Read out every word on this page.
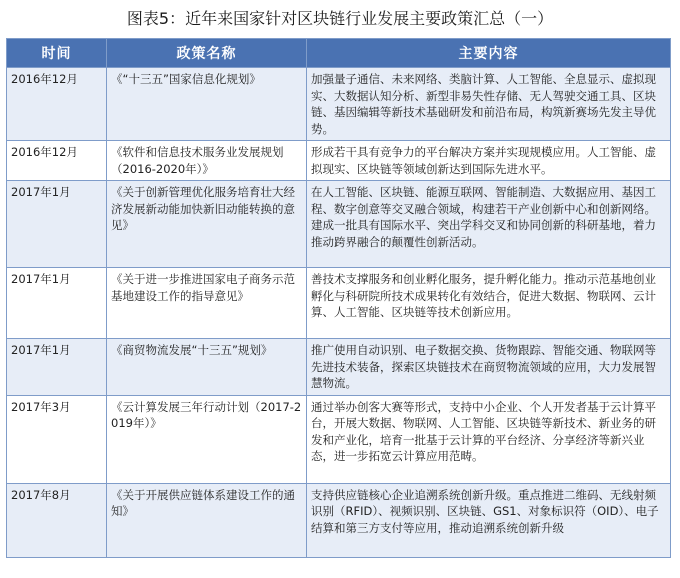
图表5：近年来国家针对区块链行业发展主要政策汇总（一）
时间	政策名称	主要内容
2016年12月	《“十三五”国家信息化规划》	加强量子通信、未来网络、类脑计算、人工智能、全息显示、虚拟现实、大数据认知分析、新型非易失性存储、无人驾驶交通工具、区块链、基因编辑等新技术基础研发和前沿布局，构筑新赛场先发主导优势。
2016年12月	《软件和信息技术服务业发展规划（2016-2020年）》	形成若干具有竞争力的平台解决方案并实现规模应用。人工智能、虚拟现实、区块链等领域创新达到国际先进水平。
2017年1月	《关于创新管理优化服务培育壮大经济发展新动能加快新旧动能转换的意见》	在人工智能、区块链、能源互联网、智能制造、大数据应用、基因工程、数字创意等交叉融合领域，构建若干产业创新中心和创新网络。建成一批具有国际水平、突出学科交叉和协同创新的科研基地，着力推动跨界融合的颠覆性创新活动。
2017年1月	《关于进一步推进国家电子商务示范基地建设工作的指导意见》	善技术支撑服务和创业孵化服务，提升孵化能力。推动示范基地创业孵化与科研院所技术成果转化有效结合，促进大数据、物联网、云计算、人工智能、区块链等技术创新应用。
2017年1月	《商贸物流发展“十三五”规划》	推广使用自动识别、电子数据交换、货物跟踪、智能交通、物联网等先进技术装备，探索区块链技术在商贸物流领域的应用，大力发展智慧物流。
2017年3月	《云计算发展三年行动计划（2017-2019年）》	通过举办创客大赛等形式，支持中小企业、个人开发者基于云计算平台，开展大数据、物联网、人工智能、区块链等新技术、新业务的研发和产业化，培育一批基于云计算的平台经济、分享经济等新兴业态，进一步拓宽云计算应用范畴。
2017年8月	《关于开展供应链体系建设工作的通知》	支持供应链核心企业追溯系统创新升级。重点推进二维码、无线射频识别（RFID）、视频识别、区块链、GS1、对象标识符（OID）、电子结算和第三方支付等应用，推动追溯系统创新升级
